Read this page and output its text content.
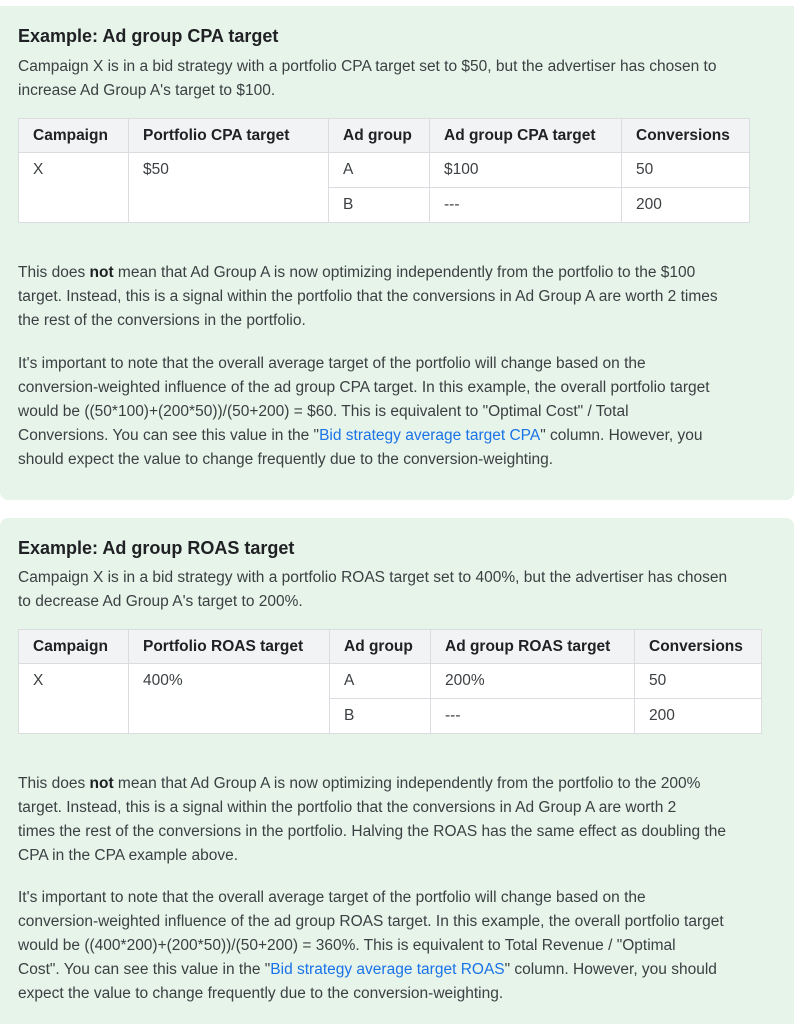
Example: Ad group CPA target

Campaign X is in a bid strategy with a portfolio CPA target set to $50, but the advertiser has chosen to
increase Ad Group A's target to $100.

Campaign	Portfolio CPA target	Ad group	Ad group CPA target	Conversions
X	$50	A	$100	50
		B	---	200

This does not mean that Ad Group A is now optimizing independently from the portfolio to the $100
target. Instead, this is a signal within the portfolio that the conversions in Ad Group A are worth 2 times
the rest of the conversions in the portfolio.

It's important to note that the overall average target of the portfolio will change based on the
conversion-weighted influence of the ad group CPA target. In this example, the overall portfolio target
would be ((50*100)+(200*50))/(50+200) = $60. This is equivalent to "Optimal Cost" / Total
Conversions. You can see this value in the "Bid strategy average target CPA" column. However, you
should expect the value to change frequently due to the conversion-weighting.

Example: Ad group ROAS target

Campaign X is in a bid strategy with a portfolio ROAS target set to 400%, but the advertiser has chosen
to decrease Ad Group A's target to 200%.

Campaign	Portfolio ROAS target	Ad group	Ad group ROAS target	Conversions
X	400%	A	200%	50
		B	---	200

This does not mean that Ad Group A is now optimizing independently from the portfolio to the 200%
target. Instead, this is a signal within the portfolio that the conversions in Ad Group A are worth 2
times the rest of the conversions in the portfolio. Halving the ROAS has the same effect as doubling the
CPA in the CPA example above.

It's important to note that the overall average target of the portfolio will change based on the
conversion-weighted influence of the ad group ROAS target. In this example, the overall portfolio target
would be ((400*200)+(200*50))/(50+200) = 360%. This is equivalent to Total Revenue / "Optimal
Cost". You can see this value in the "Bid strategy average target ROAS" column. However, you should
expect the value to change frequently due to the conversion-weighting.
